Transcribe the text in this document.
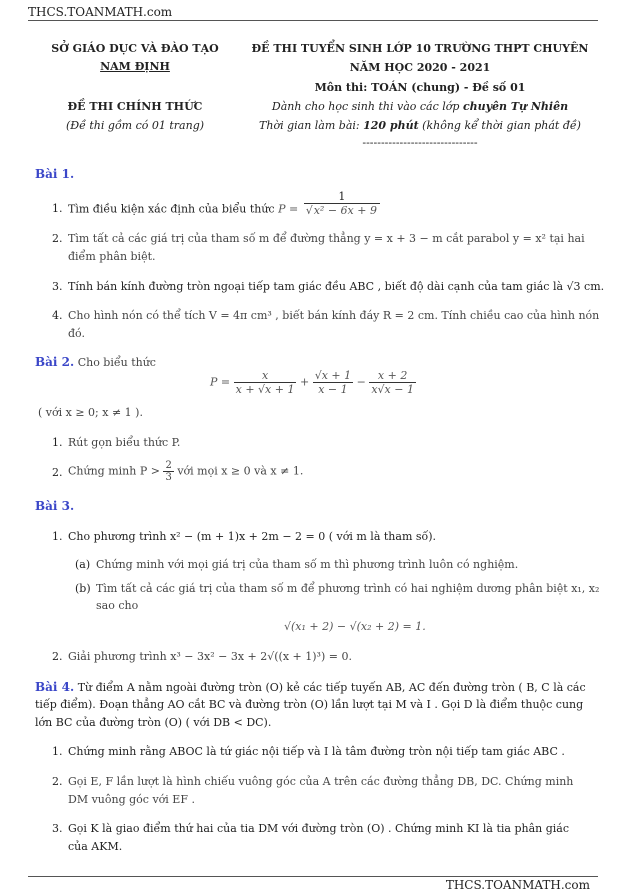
THCS.TOANMATH.com
SỞ GIÁO DỤC VÀ ĐÀO TẠO
NAM ĐỊNH
ĐỀ THI CHÍNH THỨC
(Đề thi gồm có 01 trang)
ĐỀ THI TUYỂN SINH LỚP 10 TRƯỜNG THPT CHUYÊN
NĂM HỌC 2020 - 2021
Môn thi: TOÁN (chung) - Đề số 01
Dành cho học sinh thi vào các lớp chuyên Tự Nhiên
Thời gian làm bài: 120 phút (không kể thời gian phát đề)
-------------------------------
Bài 1.
1. Tìm điều kiện xác định của biểu thức $P = \frac{1}{\text{√x² − 6x + 9}}$
2. Tìm tất cả các giá trị của tham số m để đường thẳng y = x + 3 − m cắt parabol y = x² tại hai
điểm phân biệt.
3. Tính bán kính đường tròn ngoại tiếp tam giác đều ABC , biết độ dài cạnh của tam giác là √3 cm.
4. Cho hình nón có thể tích V = 4π cm³ , biết bán kính đáy R = 2 cm. Tính chiều cao của hình nón
đó.
Bài 2. Cho biểu thức
$P = \frac{x}{x + √x + 1} + \frac{√x + 1}{x - 1} - \frac{x + 2}{x√x - 1}$
( với x ≥ 0; x ≠ 1 ).
1. Rút gọn biểu thức P.
2. Chứng minh $P > \frac{2}{3}$ với mọi x ≥ 0 và x ≠ 1.
Bài 3.
1. Cho phương trình x² − (m + 1)x + 2m − 2 = 0 ( với m là tham số).
(a) Chứng minh với mọi giá trị của tham số m thì phương trình luôn có nghiệm.
(b) Tìm tất cả các giá trị của tham số m để phương trình có hai nghiệm dương phân biệt x₁, x₂
sao cho
√(x₁ + 2) − √(x₂ + 2) = 1.
2. Giải phương trình x³ − 3x² − 3x + 2√((x + 1)³) = 0.
Bài 4. Từ điểm A nằm ngoài đường tròn (O) kẻ các tiếp tuyến AB, AC đến đường tròn ( B, C là các
tiếp điểm). Đoạn thẳng AO cắt BC và đường tròn (O) lần lượt tại M và I . Gọi D là điểm thuộc cung
lớn BC của đường tròn (O) ( với DB < DC).
1. Chứng minh rằng ABOC là tứ giác nội tiếp và I là tâm đường tròn nội tiếp tam giác ABC .
2. Gọi E, F lần lượt là hình chiếu vuông góc của A trên các đường thẳng DB, DC. Chứng minh
DM vuông góc với EF .
3. Gọi K là giao điểm thứ hai của tia DM với đường tròn (O) . Chứng minh KI là tia phân giác
của AKM.
THCS.TOANMATH.com
